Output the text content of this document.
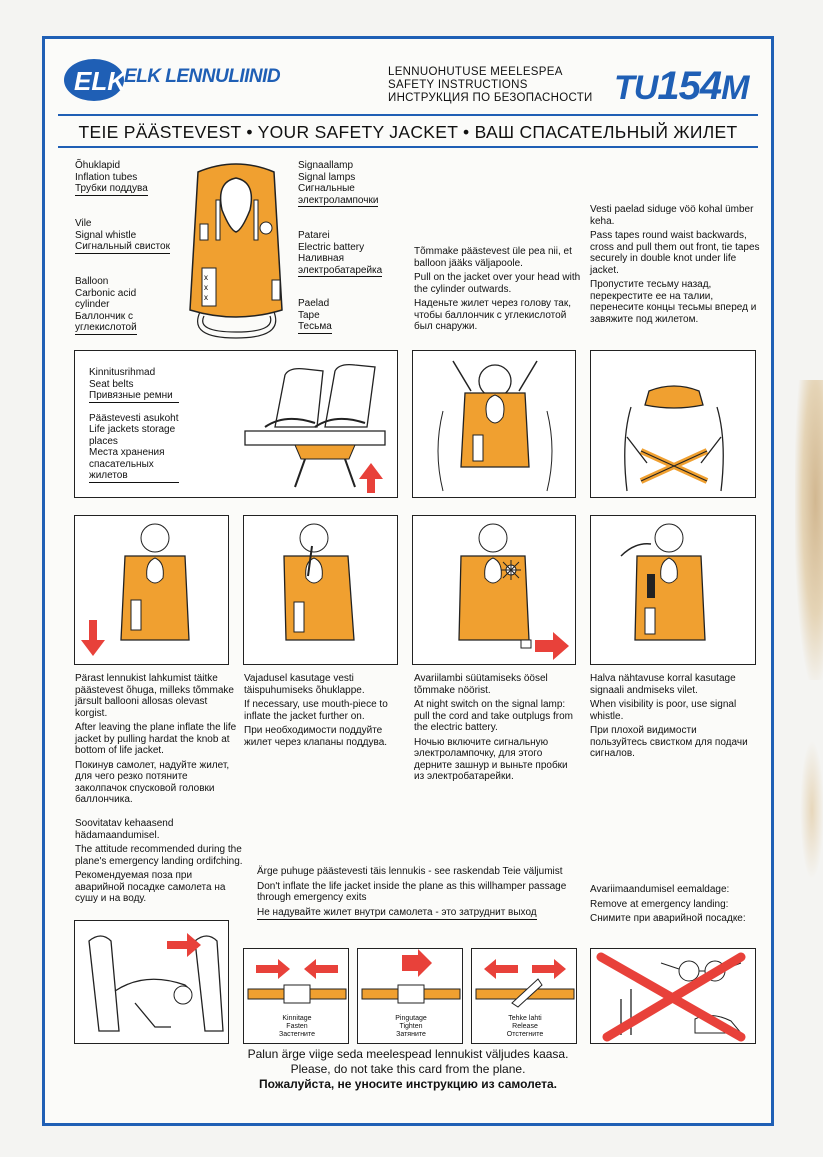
ELK
ELK LENNULIINID	LENNUOHUTUSE MEELESPEA
SAFETY INSTRUCTIONS
ИНСТРУКЦИЯ ПО БЕЗОПАСНОСТИ TU154M
TEIE PÄÄSTEVEST • YOUR SAFETY JACKET • ВАШ СПАСАТЕЛЬНЫЙ ЖИЛЕТ
Õhuklapid
Inflation tubes
Трубки поддува
Vile
Signal whistle
Сигнальный свисток
Balloon
Carbonic acid
cylinder
Баллончик с
углекислотой
Signaallamp
Signal lamps
Сигнальные
электролампочки
Patarei
Electric battery
Наливная
электробатарейка
Paelad
Tape
Тесьма
x
x
x

Tõmmake päästevest üle pea nii, et balloon jääks väljapoole.

Pull on the jacket over your head with the cylinder outwards.

Наденьте жилет через голову так, чтобы баллончик с углекислотой был снаружи.

Vesti paelad siduge vöö kohal ümber keha.

Pass tapes round waist backwards, cross and pull them out front, tie tapes securely in double knot under life jacket.

Пропустите тесьму назад, перекрестите ее на талии, перенесите концы тесьмы вперед и завяжите под жилетом.

Kinnitusrihmad
Seat belts
Привязные ремни
Päästevesti asukoht
Life jackets storage
places
Места хранения
спасательных
жилетов

Pärast lennukist lahkumist täitke päästevest õhuga, milleks tõmmake järsult ballooni allosas olevast korgist.

After leaving the plane inflate the life jacket by pulling hardat the knob at bottom of life jacket.

Покинув самолет, надуйте жилет, для чего резко потяните заколпачок спусковой головки баллончика.

Vajadusel kasutage vesti täispuhumiseks õhuklappe.

If necessary, use mouth-piece to inflate the jacket further on.

При необходимости поддуйте жилет через клапаны поддува.

Avariilambi süütamiseks öösel tõmmake nöörist.

At night switch on the signal lamp: pull the cord and take outplugs from the electric battery.

Ночью включите сигнальную электролампочку, для этого дерните зашнур и выньте пробки из электробатарейки.

Halva nähtavuse korral kasutage signaali andmiseks vilet.

When visibility is poor, use signal whistle.

При плохой видимости пользуйтесь свистком для подачи сигналов.

Soovitatav kehaasend hädamaandumisel.

The attitude recommended during the plane's emergency landing ordifching.

Рекомендуемая поза при аварийной посадке самолета на сушу и на воду.

Ärge puhuge päästevesti täis lennukis - see raskendab Teie väljumist

Don't inflate the life jacket inside the plane as this willhamper passage through emergency exits

Не надувайте жилет внутри самолета - это затруднит выход

Avariimaandumisel eemaldage:

Remove at emergency landing:

Снимите при аварийной посадке:

Kinnitage
Fasten
Застегните
Pingutage
Tighten
Затяните
Tehke lahti
Release
Отстегните
Palun ärge viige seda meelespead lennukist väljudes kaasa.
Please, do not take this card from the plane.
Пожалуйста, не уносите инструкцию из самолета.
